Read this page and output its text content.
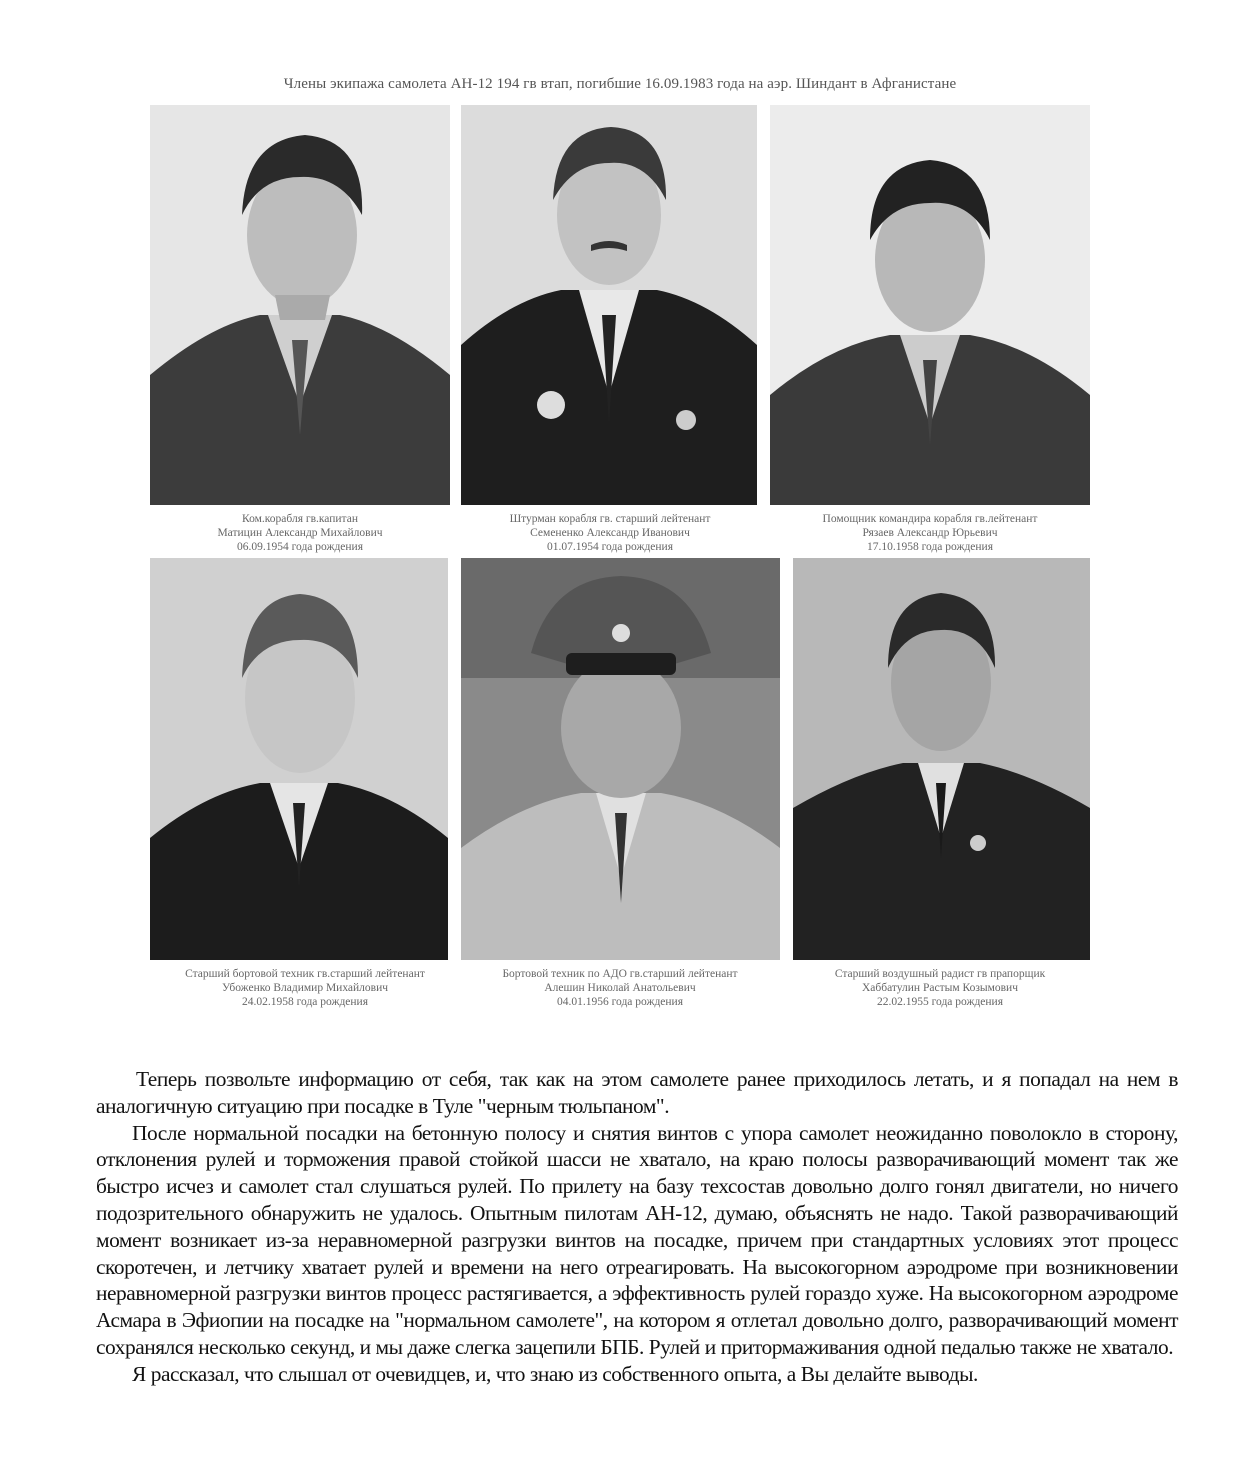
Члены экипажа самолета АН-12 194 гв втап, погибшие 16.09.1983 года на аэр. Шиндант в Афганистане
Ком.корабля гв.капитан
Матицин Александр Михайлович
06.09.1954 года рождения
Штурман корабля гв. старший лейтенант
Семененко Александр Иванович
01.07.1954 года рождения
Помощник командира корабля гв.лейтенант
Рязаев Александр Юрьевич
17.10.1958 года рождения
Старший бортовой техник гв.старший лейтенант
Убоженко Владимир Михайлович
24.02.1958 года рождения
Бортовой техник по АДО гв.старший лейтенант
Алешин Николай Анатольевич
04.01.1956 года рождения
Старший воздушный радист гв прапорщик
Хаббатулин Растым Козымович
22.02.1955 года рождения

Теперь позвольте информацию от себя, так как на этом самолете ранее приходилось летать, и я попадал на нем в аналогичную ситуацию при посадке в Туле "черным тюльпаном".

После нормальной посадки на бетонную полосу и снятия винтов с упора самолет неожиданно поволокло в сторону, отклонения рулей и торможения правой стойкой шасси не хватало, на краю полосы разворачивающий момент так же быстро исчез и самолет стал слушаться рулей. По прилету на базу техсостав довольно долго гонял двигатели, но ничего подозрительного обнаружить не удалось. Опытным пилотам АН-12, думаю, объяснять не надо. Такой разворачивающий момент возникает из-за неравномерной разгрузки винтов на посадке, причем при стандартных условиях этот процесс скоротечен, и летчику хватает рулей и времени на него отреагировать. На высокогорном аэродроме при возникновении неравномерной разгрузки винтов процесс растягивается, а эффективность рулей гораздо хуже. На высокогорном аэродроме Асмара в Эфиопии на посадке на "нормальном самолете", на котором я отлетал довольно долго, разворачивающий момент сохранялся несколько секунд, и мы даже слегка зацепили БПБ. Рулей и притормаживания одной педалью также не хватало.

Я рассказал, что слышал от очевидцев, и, что знаю из собственного опыта, а Вы делайте выводы.
